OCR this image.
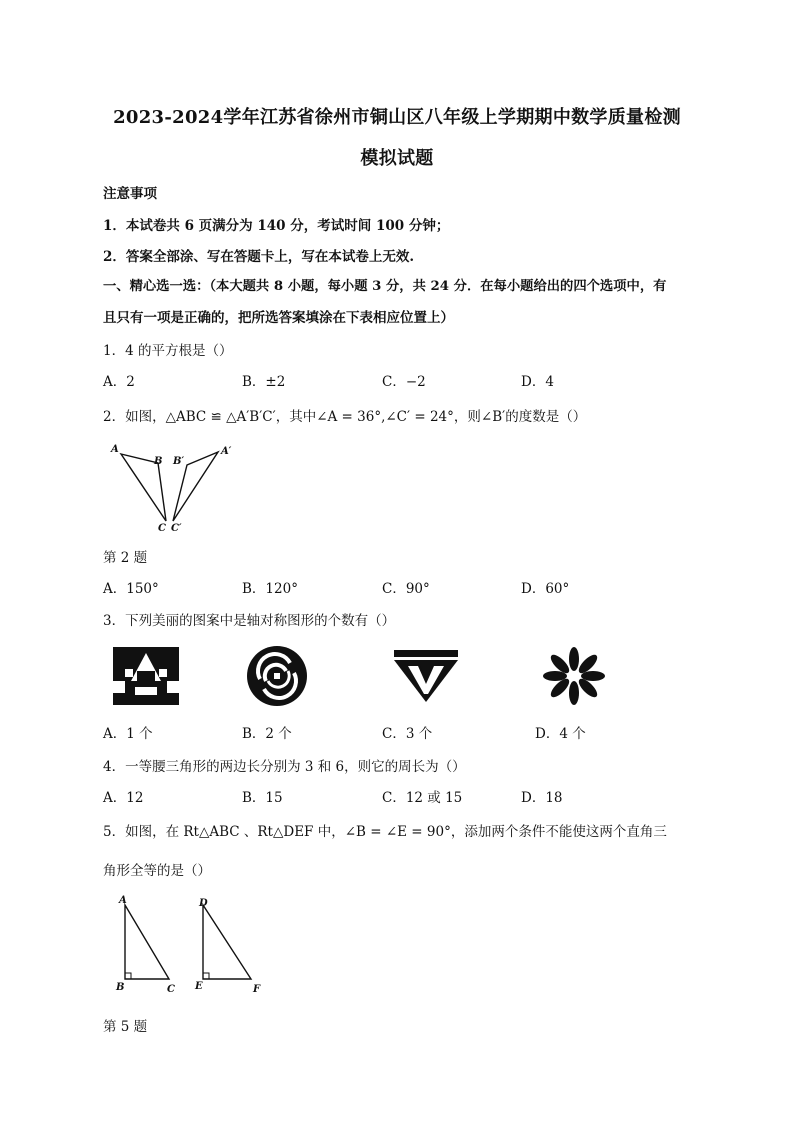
2023-2024学年江苏省徐州市铜山区八年级上学期期中数学质量检测
模拟试题
注意事项
1．本试卷共 6 页满分为 140 分，考试时间 100 分钟；
2．答案全部涂、写在答题卡上，写在本试卷上无效.
一、精心选一选：（本大题共 8 小题，每小题 3 分，共 24 分．在每小题给出的四个选项中，有
且只有一项是正确的，把所选答案填涂在下表相应位置上）
1．4 的平方根是（）
A．2	B．±2	C．−2	D．4
2．如图，△ABC ≌ △A′B′C′，其中∠A = 36°,∠C′ = 24°，则∠B′的度数是（）
A
B B′
A′
C C′
第 2 题
A．150°	B．120°	C．90°	D．60°
3．下列美丽的图案中是轴对称图形的个数有（）
A．1 个	B．2 个	C．3 个	D．4 个
4．一等腰三角形的两边长分别为 3 和 6，则它的周长为（）
A．12	B．15	C．12 或 15	D．18
5．如图，在 Rt△ABC 、Rt△DEF 中，∠B = ∠E = 90°，添加两个条件不能使这两个直角三
角形全等的是（）
A
B	C
D
E	F
第 5 题
